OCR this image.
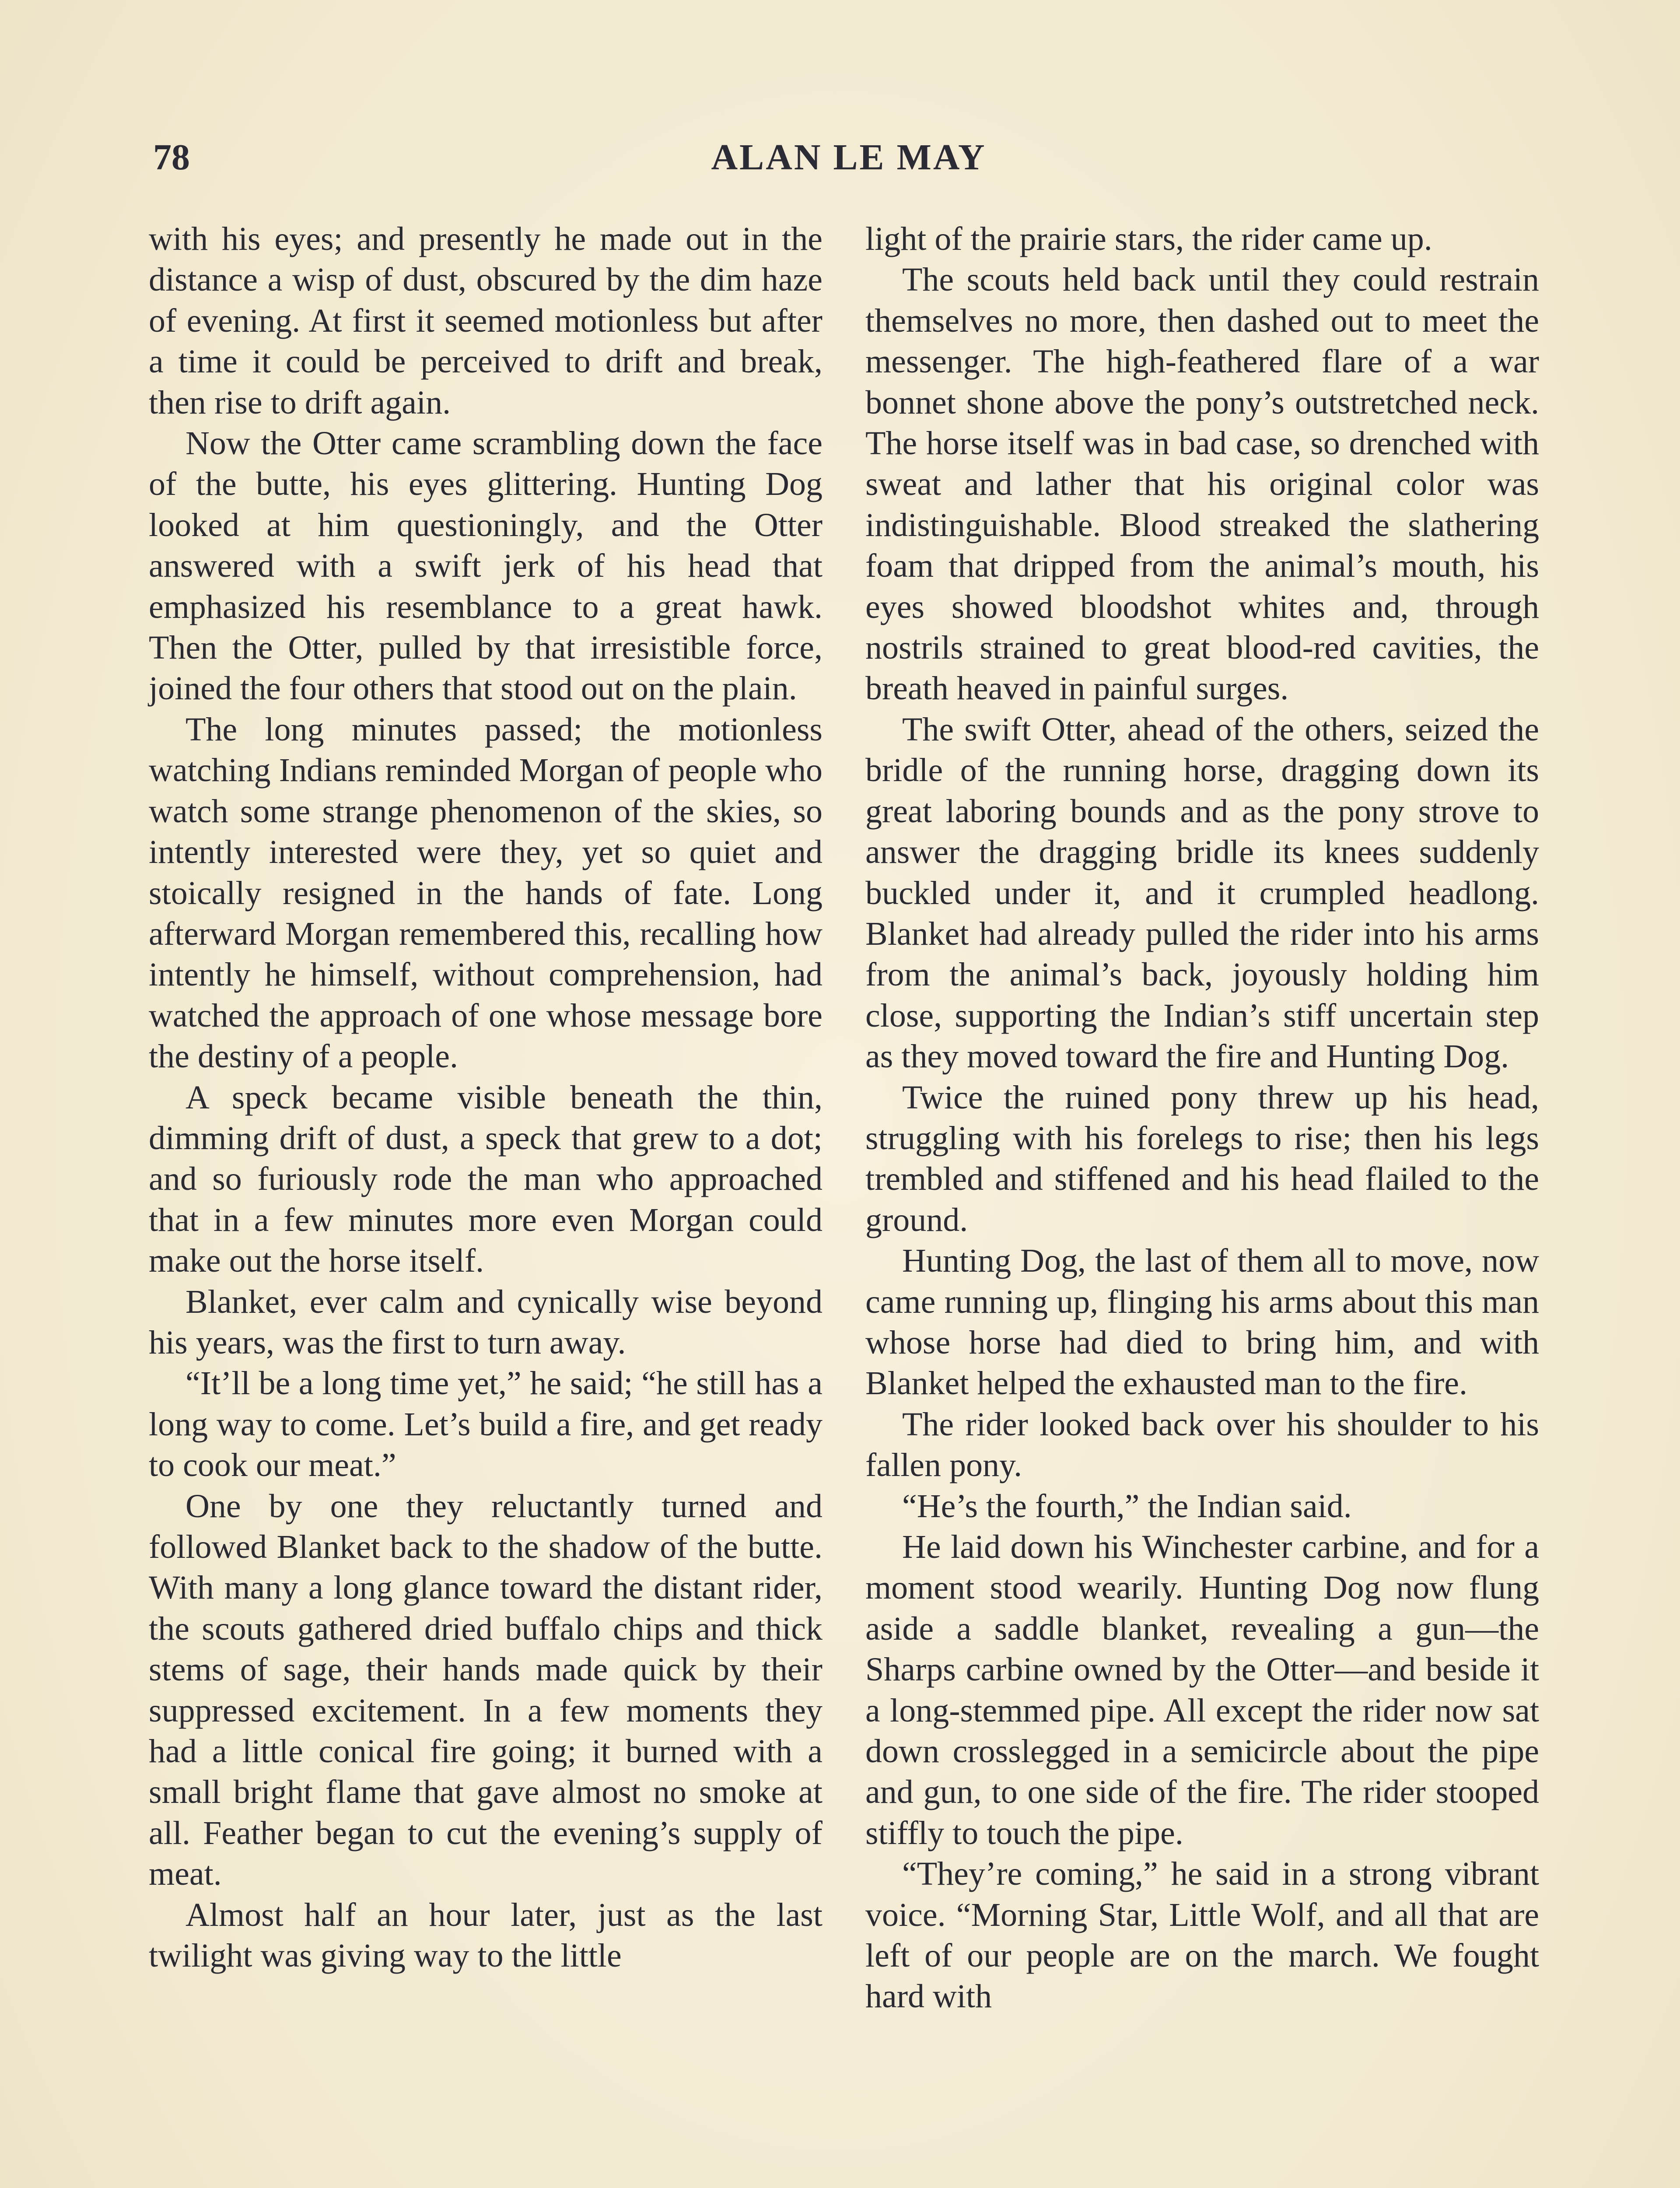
78	ALAN LE MAY

with his eyes; and presently he made out in the distance a wisp of dust, obscured by the dim haze of evening. At first it seemed motionless but after a time it could be perceived to drift and break, then rise to drift again.

Now the Otter came scrambling down the face of the butte, his eyes glittering. Hunting Dog looked at him questioningly, and the Otter answered with a swift jerk of his head that emphasized his resemblance to a great hawk. Then the Otter, pulled by that irresistible force, joined the four others that stood out on the plain.

The long minutes passed; the motionless watching Indians reminded Morgan of people who watch some strange phenomenon of the skies, so intently interested were they, yet so quiet and stoically resigned in the hands of fate. Long afterward Morgan remembered this, recalling how intently he himself, without comprehension, had watched the approach of one whose message bore the destiny of a people.

A speck became visible beneath the thin, dimming drift of dust, a speck that grew to a dot; and so furiously rode the man who approached that in a few minutes more even Morgan could make out the horse itself.

Blanket, ever calm and cynically wise beyond his years, was the first to turn away.

“It’ll be a long time yet,” he said; “he still has a long way to come. Let’s build a fire, and get ready to cook our meat.”

One by one they reluctantly turned and followed Blanket back to the shadow of the butte. With many a long glance toward the distant rider, the scouts gathered dried buffalo chips and thick stems of sage, their hands made quick by their suppressed excitement. In a few moments they had a little conical fire going; it burned with a small bright flame that gave almost no smoke at all. Feather began to cut the evening’s supply of meat.

Almost half an hour later, just as the last twilight was giving way to the little

light of the prairie stars, the rider came up.

The scouts held back until they could restrain themselves no more, then dashed out to meet the messenger. The high-feathered flare of a war bonnet shone above the pony’s outstretched neck. The horse itself was in bad case, so drenched with sweat and lather that his original color was indistinguishable. Blood streaked the slathering foam that dripped from the animal’s mouth, his eyes showed bloodshot whites and, through nostrils strained to great blood-red cavities, the breath heaved in painful surges.

The swift Otter, ahead of the others, seized the bridle of the running horse, dragging down its great laboring bounds and as the pony strove to answer the dragging bridle its knees suddenly buckled under it, and it crumpled headlong. Blanket had already pulled the rider into his arms from the animal’s back, joyously holding him close, supporting the Indian’s stiff uncertain step as they moved toward the fire and Hunting Dog.

Twice the ruined pony threw up his head, struggling with his forelegs to rise; then his legs trembled and stiffened and his head flailed to the ground.

Hunting Dog, the last of them all to move, now came running up, flinging his arms about this man whose horse had died to bring him, and with Blanket helped the exhausted man to the fire.

The rider looked back over his shoulder to his fallen pony.

“He’s the fourth,” the Indian said.

He laid down his Winchester carbine, and for a moment stood wearily. Hunting Dog now flung aside a saddle blanket, revealing a gun—the Sharps carbine owned by the Otter—and beside it a long-stemmed pipe. All except the rider now sat down crosslegged in a semicircle about the pipe and gun, to one side of the fire. The rider stooped stiffly to touch the pipe.

“They’re coming,” he said in a strong vibrant voice. “Morning Star, Little Wolf, and all that are left of our people are on the march. We fought hard with
